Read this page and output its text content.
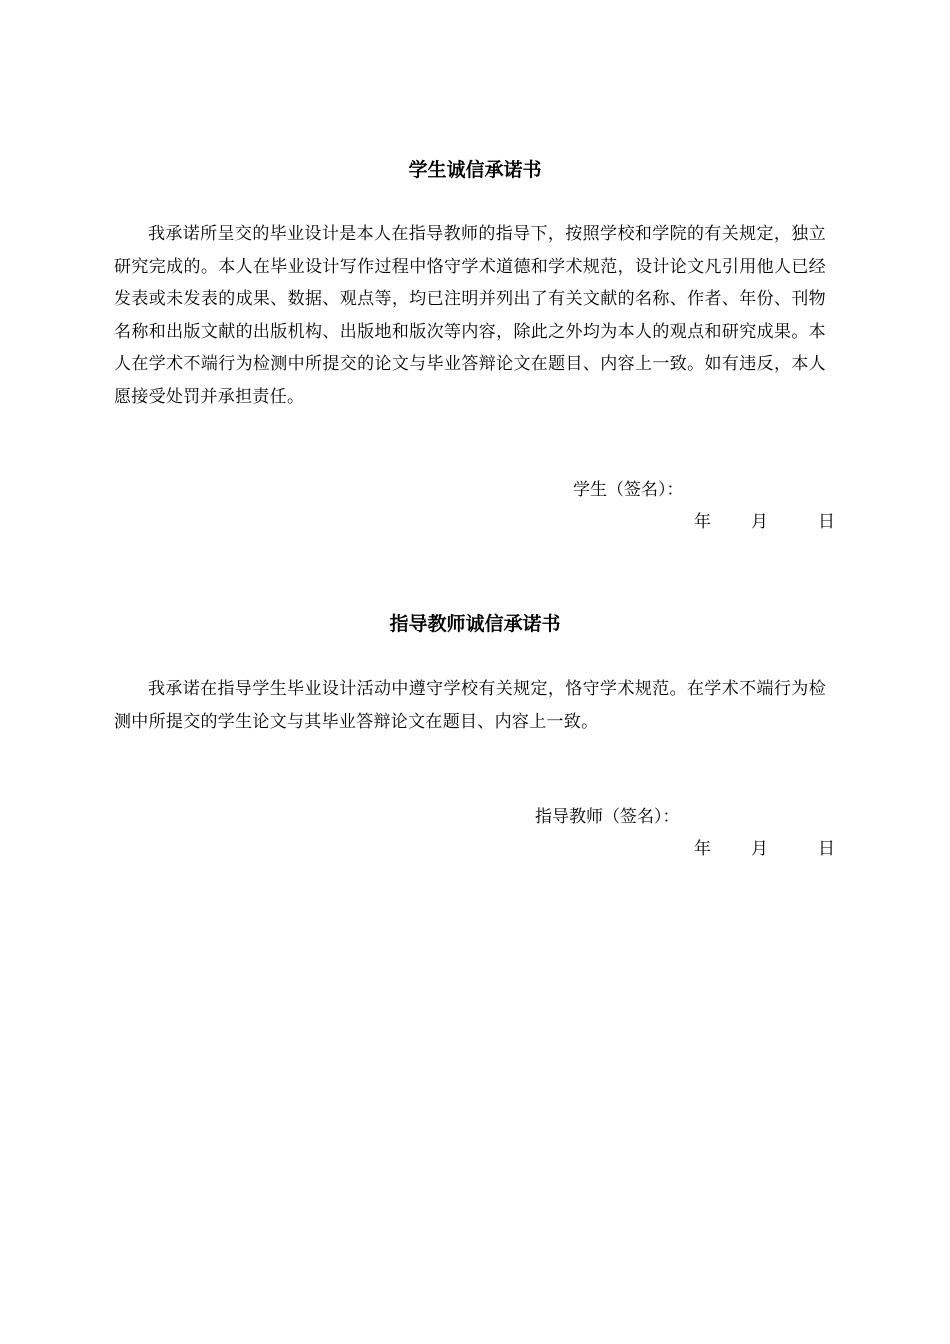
学生诚信承诺书

我承诺所呈交的毕业设计是本人在指导教师的指导下，按照学校和学院的有关规定，独立研究完成的。本人在毕业设计写作过程中恪守学术道德和学术规范，设计论文凡引用他人已经发表或未发表的成果、数据、观点等，均已注明并列出了有关文献的名称、作者、年份、刊物名称和出版文献的出版机构、出版地和版次等内容，除此之外均为本人的观点和研究成果。本人在学术不端行为检测中所提交的论文与毕业答辩论文在题目、内容上一致。如有违反，本人愿接受处罚并承担责任。

学生（签名）：

年 月	日
指导教师诚信承诺书

我承诺在指导学生毕业设计活动中遵守学校有关规定，恪守学术规范。在学术不端行为检测中所提交的学生论文与其毕业答辩论文在题目、内容上一致。

指导教师（签名）：

年 月	日
